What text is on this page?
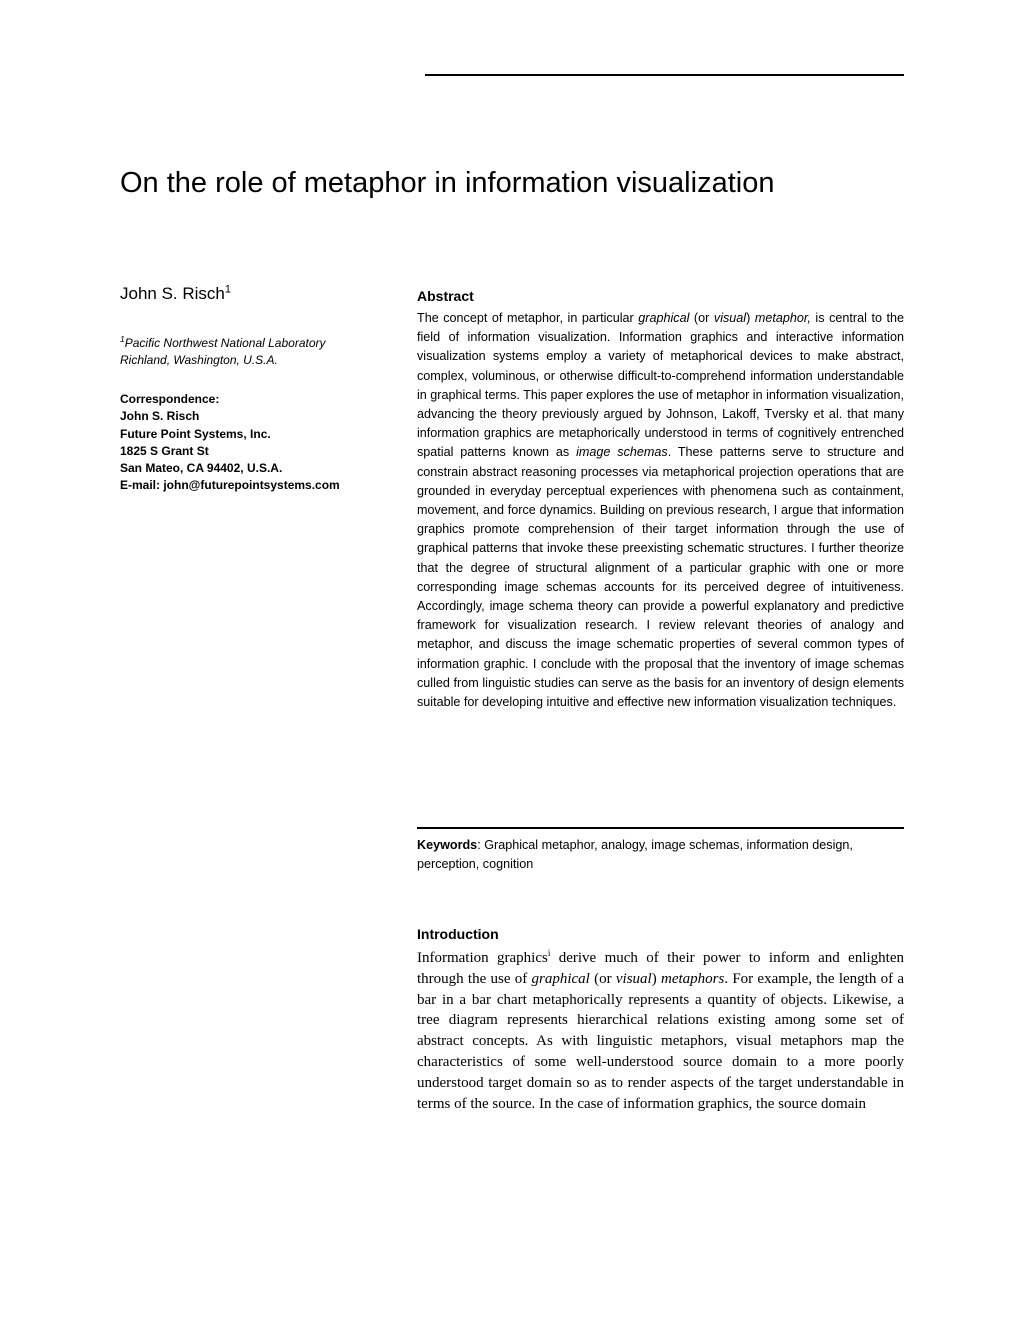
On the role of metaphor in information visualization
John S. Risch$^1$
$^1$Pacific Northwest National Laboratory
Richland, Washington, U.S.A.
Correspondence:
John S. Risch
Future Point Systems, Inc.
1825 S Grant St
San Mateo, CA 94402, U.S.A.
E-mail: john@futurepointsystems.com
Abstract
The concept of metaphor, in particular graphical (or visual) metaphor, is central to the field of information visualization. Information graphics and interactive information visualization systems employ a variety of metaphorical devices to make abstract, complex, voluminous, or otherwise difficult-to-comprehend information understandable in graphical terms. This paper explores the use of metaphor in information visualization, advancing the theory previously argued by Johnson, Lakoff, Tversky et al. that many information graphics are metaphorically understood in terms of cognitively entrenched spatial patterns known as image schemas. These patterns serve to structure and constrain abstract reasoning processes via metaphorical projection operations that are grounded in everyday perceptual experiences with phenomena such as containment, movement, and force dynamics. Building on previous research, I argue that information graphics promote comprehension of their target information through the use of graphical patterns that invoke these preexisting schematic structures. I further theorize that the degree of structural alignment of a particular graphic with one or more corresponding image schemas accounts for its perceived degree of intuitiveness. Accordingly, image schema theory can provide a powerful explanatory and predictive framework for visualization research. I review relevant theories of analogy and metaphor, and discuss the image schematic properties of several common types of information graphic. I conclude with the proposal that the inventory of image schemas culled from linguistic studies can serve as the basis for an inventory of design elements suitable for developing intuitive and effective new information visualization techniques.
Keywords: Graphical metaphor, analogy, image schemas, information design, perception, cognition
Introduction
Information graphics$^i$ derive much of their power to inform and enlighten through the use of graphical (or visual) metaphors. For example, the length of a bar in a bar chart metaphorically represents a quantity of objects. Likewise, a tree diagram represents hierarchical relations existing among some set of abstract concepts. As with linguistic metaphors, visual metaphors map the characteristics of some well-understood source domain to a more poorly understood target domain so as to render aspects of the target understandable in terms of the source. In the case of information graphics, the source domain
